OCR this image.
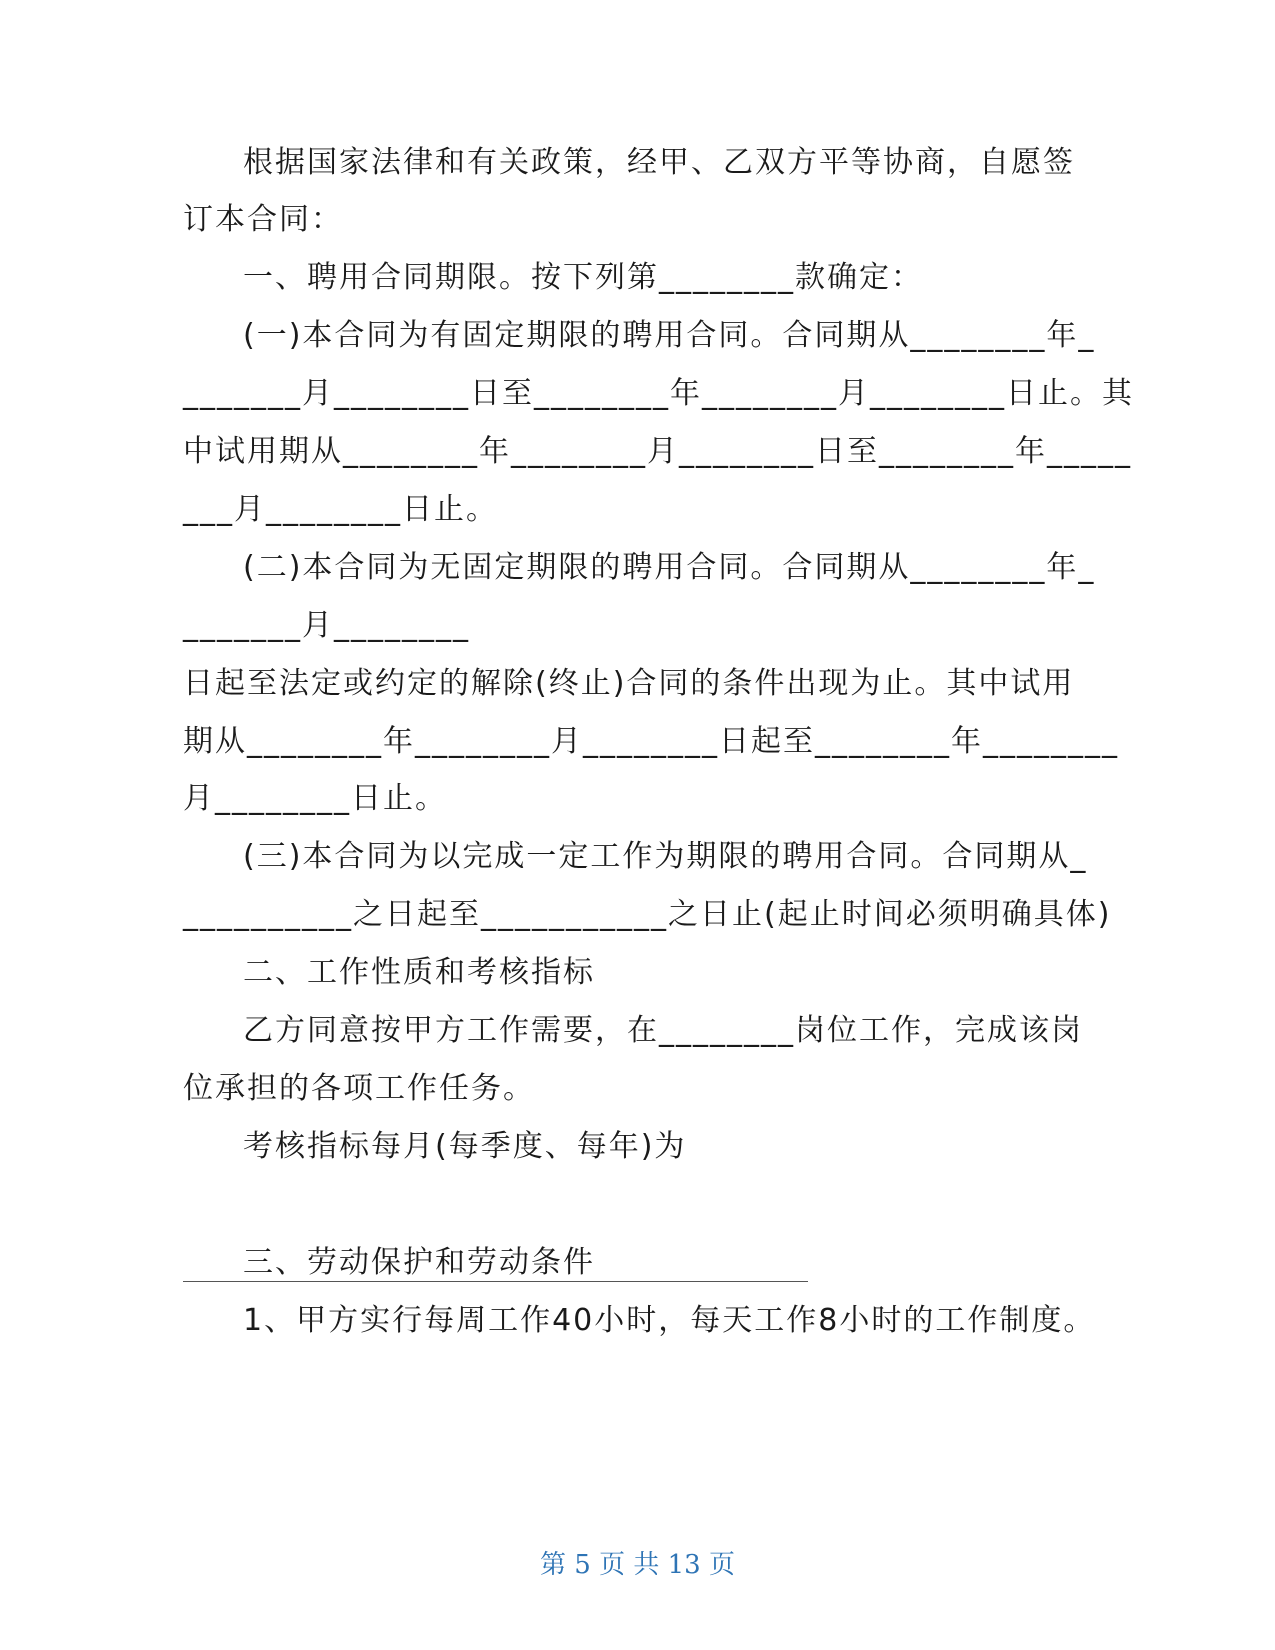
根据国家法律和有关政策，经甲、乙双方平等协商，自愿签
订本合同：
一、聘用合同期限。按下列第________款确定：
(一)本合同为有固定期限的聘用合同。合同期从________年_
_______月________日至________年________月________日止。其
中试用期从________年________月________日至________年_____
___月________日止。
(二)本合同为无固定期限的聘用合同。合同期从________年_
_______月________
日起至法定或约定的解除(终止)合同的条件出现为止。其中试用
期从________年________月________日起至________年________
月________日止。
(三)本合同为以完成一定工作为期限的聘用合同。合同期从_
__________之日起至___________之日止(起止时间必须明确具体)
二、工作性质和考核指标
乙方同意按甲方工作需要，在________岗位工作，完成该岗
位承担的各项工作任务。
考核指标每月(每季度、每年)为
三、劳动保护和劳动条件
1、甲方实行每周工作40小时，每天工作8小时的工作制度。
第 5 页 共 13 页
